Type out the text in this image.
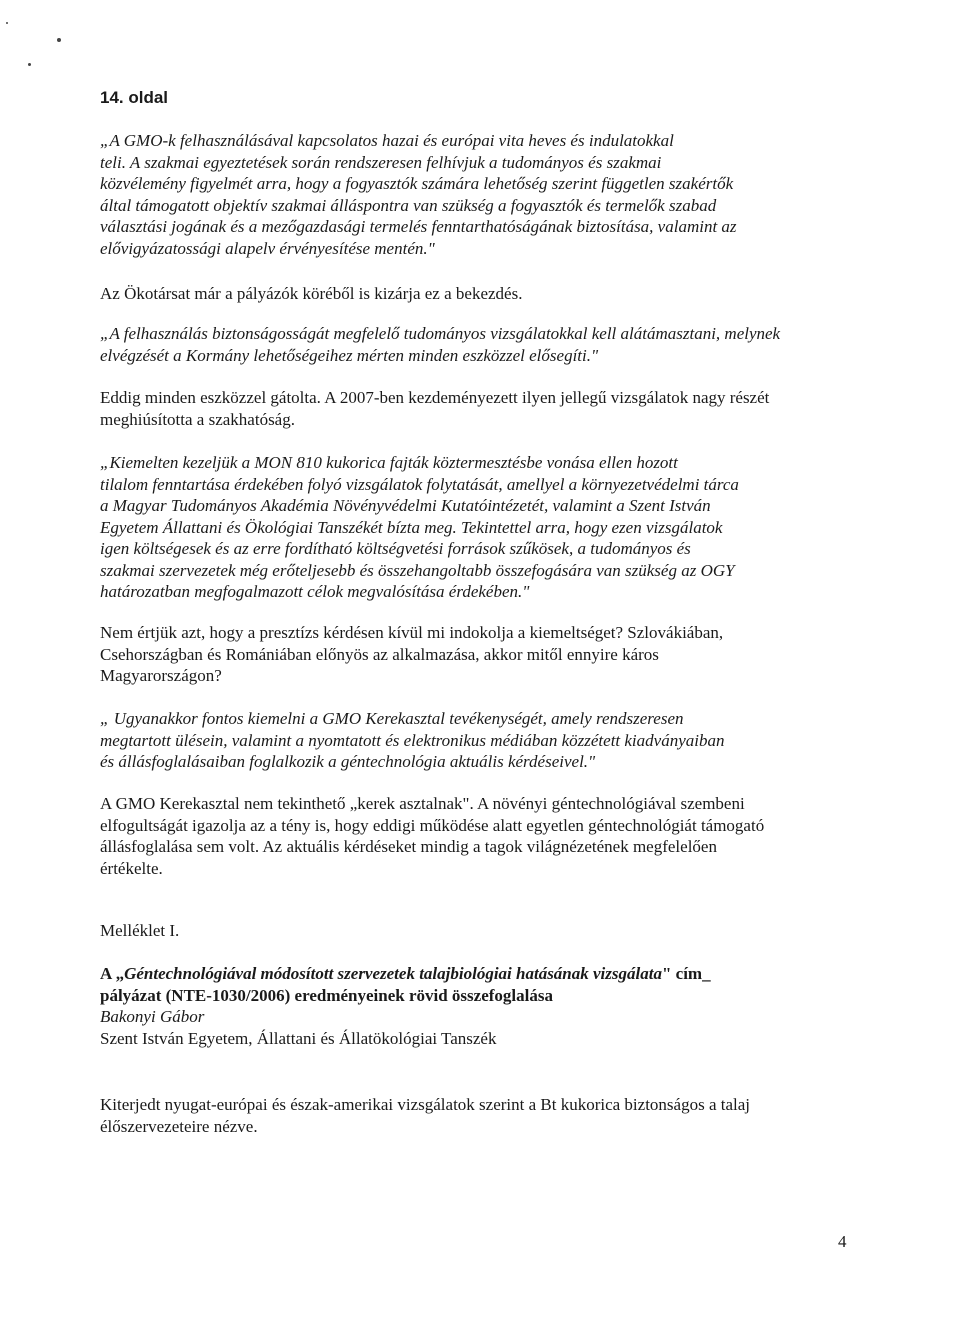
14. oldal
„A GMO-k felhasználásával kapcsolatos hazai és európai vita heves és indulatokkal
teli. A szakmai egyeztetések során rendszeresen felhívjuk a tudományos és szakmai
közvélemény figyelmét arra, hogy a fogyasztók számára lehetőség szerint független szakértők
által támogatott objektív szakmai álláspontra van szükség a fogyasztók és termelők szabad
választási jogának és a mezőgazdasági termelés fenntarthatóságának biztosítása, valamint az
elővigyázatossági alapelv érvényesítése mentén."

Az Ökotársat már a pályázók köréből is kizárja ez a bekezdés.

„A felhasználás biztonságosságát megfelelő tudományos vizsgálatokkal kell alátámasztani, melynek
elvégzését a Kormány lehetőségeihez mérten minden eszközzel elősegíti."
Eddig minden eszközzel gátolta. A 2007-ben kezdeményezett ilyen jellegű vizsgálatok nagy részét
meghiúsította a szakhatóság.
„Kiemelten kezeljük a MON 810 kukorica fajták köztermesztésbe vonása ellen hozott
tilalom fenntartása érdekében folyó vizsgálatok folytatását, amellyel a környezetvédelmi tárca
a Magyar Tudományos Akadémia Növényvédelmi Kutatóintézetét, valamint a Szent István
Egyetem Állattani és Ökológiai Tanszékét bízta meg. Tekintettel arra, hogy ezen vizsgálatok
igen költségesek és az erre fordítható költségvetési források szűkösek, a tudományos és
szakmai szervezetek még erőteljesebb és összehangoltabb összefogására van szükség az OGY
határozatban megfogalmazott célok megvalósítása érdekében."
Nem értjük azt, hogy a presztízs kérdésen kívül mi indokolja a kiemeltséget? Szlovákiában,
Csehországban és Romániában előnyös az alkalmazása, akkor mitől ennyire káros
Magyarországon?
„ Ugyanakkor fontos kiemelni a GMO Kerekasztal tevékenységét, amely rendszeresen
megtartott ülésein, valamint a nyomtatott és elektronikus médiában közzétett kiadványaiban
és állásfoglalásaiban foglalkozik a géntechnológia aktuális kérdéseivel."
A GMO Kerekasztal nem tekinthető „kerek asztalnak". A növényi géntechnológiával szembeni
elfogultságát igazolja az a tény is, hogy eddigi működése alatt egyetlen géntechnológiát támogató
állásfoglalása sem volt. Az aktuális kérdéseket mindig a tagok világnézetének megfelelően
értékelte.

Melléklet I.

A „Géntechnológiával módosított szervezetek talajbiológiai hatásának vizsgálata" cím_
pályázat (NTE-1030/2006) eredményeinek rövid összefoglalása
Bakonyi Gábor
Szent István Egyetem, Állattani és Állatökológiai Tanszék
Kiterjedt nyugat-európai és észak-amerikai vizsgálatok szerint a Bt kukorica biztonságos a talaj
élőszervezeteire nézve.
4
